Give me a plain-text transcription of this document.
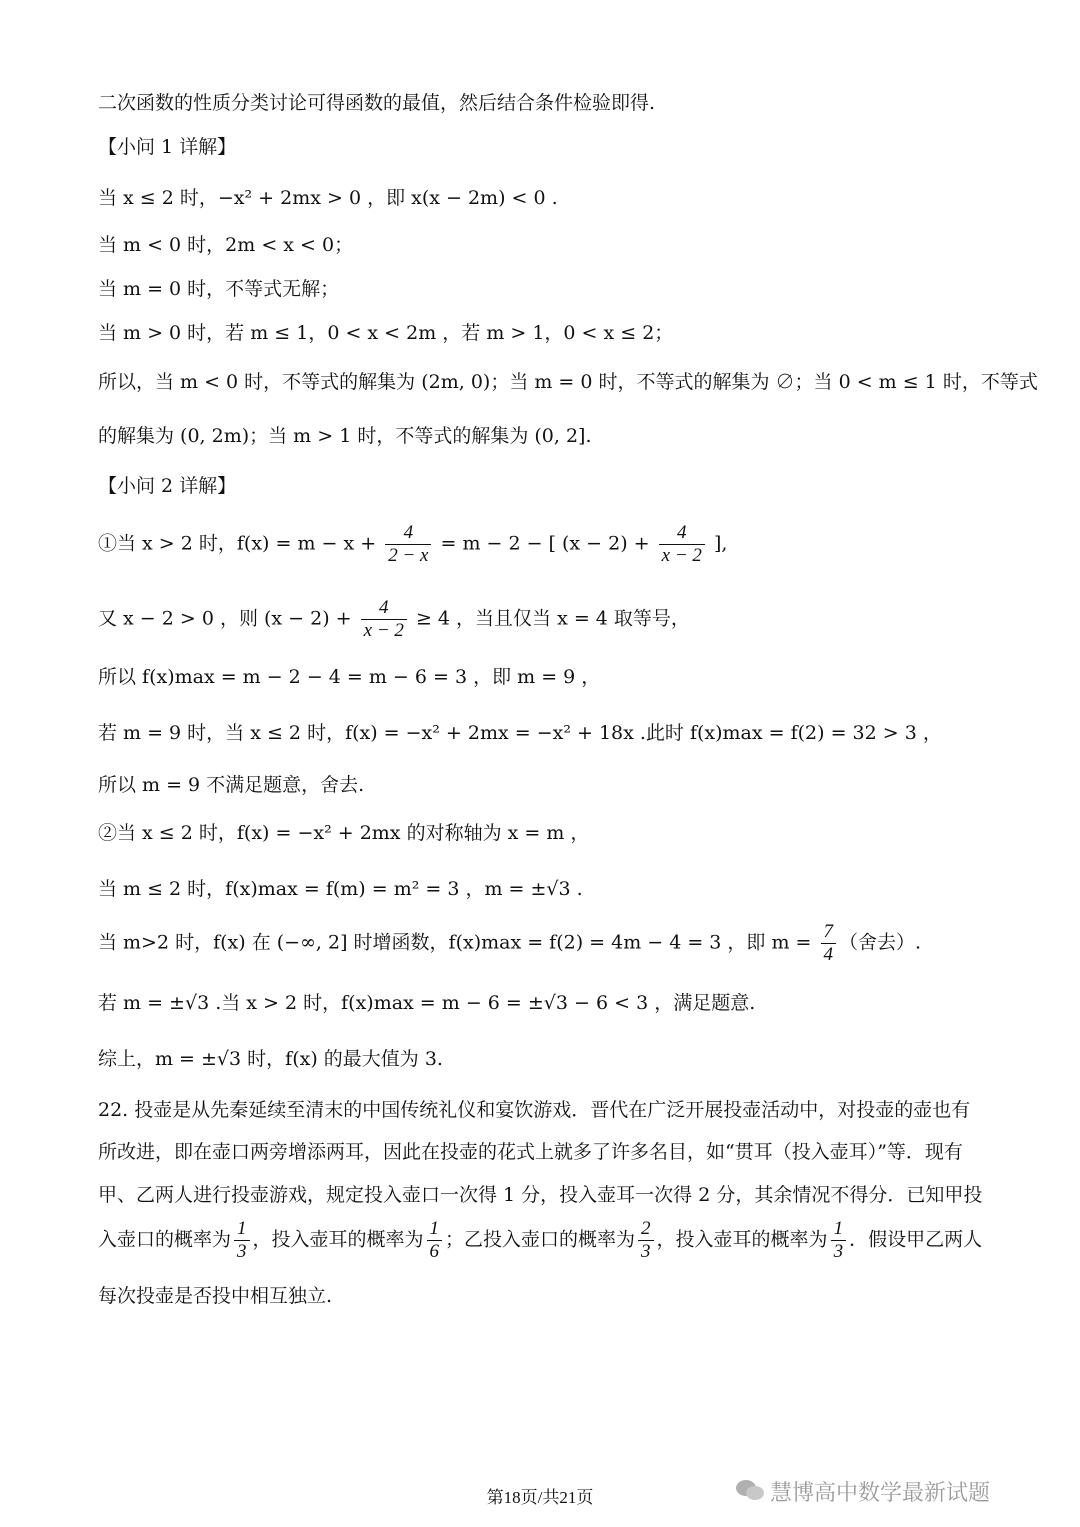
二次函数的性质分类讨论可得函数的最值，然后结合条件检验即得.
【小问 1 详解】
当 x ≤ 2 时，−x² + 2mx > 0 ，即 x(x − 2m) < 0 .
当 m < 0 时，2m < x < 0；
当 m = 0 时，不等式无解；
当 m > 0 时，若 m ≤ 1，0 < x < 2m ，若 m > 1，0 < x ≤ 2；
所以，当 m < 0 时，不等式的解集为 (2m, 0)；当 m = 0 时，不等式的解集为 ∅；当 0 < m ≤ 1 时，不等式
的解集为 (0, 2m)；当 m > 1 时，不等式的解集为 (0, 2].
【小问 2 详解】
①当 x > 2 时，$f(x) = m - x + \frac{4}{2 - x} = m - 2$ − [ $(x - 2) + \frac{4}{x - 2}$ ],
又 x − 2 > 0 ，则 $(x - 2) + \frac{4}{x - 2} \ge 4$ ，当且仅当 x = 4 取等号，
所以 f(x)max = m − 2 − 4 = m − 6 = 3 ，即 m = 9 ，
若 m = 9 时，当 x ≤ 2 时，f(x) = −x² + 2mx = −x² + 18x .此时 f(x)max = f(2) = 32 > 3 ，
所以 m = 9 不满足题意，舍去.
②当 x ≤ 2 时，f(x) = −x² + 2mx 的对称轴为 x = m ，
当 m ≤ 2 时，f(x)max = f(m) = m² = 3 ，m = ±√3 .
当 m>2 时，f(x) 在 (−∞, 2] 时增函数，f(x)max = f(2) = 4m − 4 = 3 ，即 $m = \frac{7}{4}$ （舍去）.
若 m = ±√3 .当 x > 2 时，f(x)max = m − 6 = ±√3 − 6 < 3 ，满足题意.
综上，m = ±√3 时，f(x) 的最大值为 3.
22. 投壶是从先秦延续至清末的中国传统礼仪和宴饮游戏．晋代在广泛开展投壶活动中，对投壶的壶也有
所改进，即在壶口两旁增添两耳，因此在投壶的花式上就多了许多名目，如“贯耳（投入壶耳）”等．现有
甲、乙两人进行投壶游戏，规定投入壶口一次得 1 分，投入壶耳一次得 2 分，其余情况不得分．已知甲投
入壶口的概率为 $\frac{1}{3}$ ，投入壶耳的概率为 $\frac{1}{6}$ ；乙投入壶口的概率为 $\frac{2}{3}$ ，投入壶耳的概率为 $\frac{1}{3}$ ．假设甲乙两人
每次投壶是否投中相互独立.
慧博高中数学最新试题
第18页/共21页
